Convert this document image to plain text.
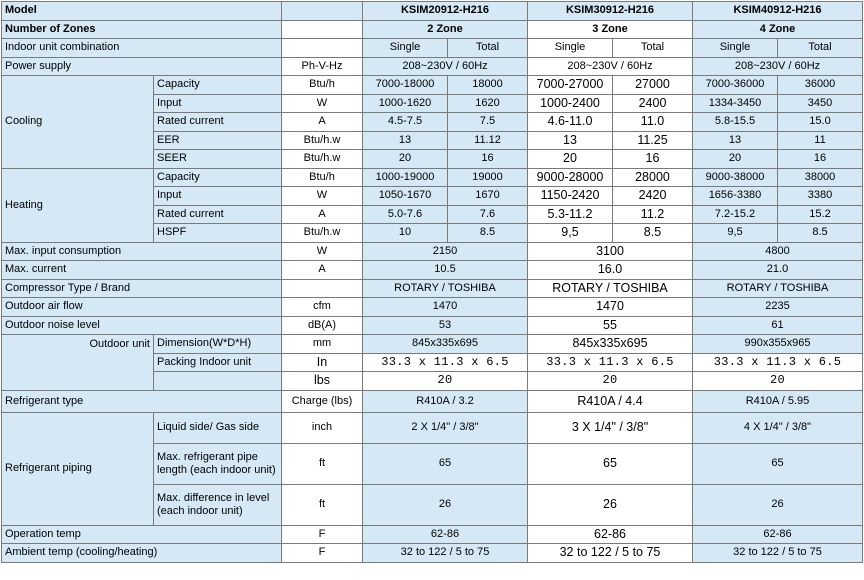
Model			KSIM20912-H216		KSIM30912-H216		KSIM40912-H216	
Number of Zones			2 Zone		3 Zone		4 Zone	
Indoor unit combination			Single	Total	Single	Total	Single	Total
Power supply		Ph-V-Hz	208~230V / 60Hz		208~230V / 60Hz		208~230V / 60Hz	
Cooling	Capacity	Btu/h	7000-18000	18000	7000-27000	27000	7000-36000	36000
	Input	W	1000-1620	1620	1000-2400	2400	1334-3450	3450
	Rated current	A	4.5-7.5	7.5	4.6-11.0	11.0	5.8-15.5	15.0
	EER	Btu/h.w	13	11.12	13	11.25	13	11
	SEER	Btu/h.w	20	16	20	16	20	16
Heating	Capacity	Btu/h	1000-19000	19000	9000-28000	28000	9000-38000	38000
	Input	W	1050-1670	1670	1150-2420	2420	1656-3380	3380
	Rated current	A	5.0-7.6	7.6	5.3-11.2	11.2	7.2-15.2	15.2
	HSPF	Btu/h.w	10	8.5	9,5	8.5	9,5	8.5
Max. input consumption		W	2150		3100		4800	
Max. current		A	10.5		16.0		21.0	
Compressor Type / Brand			ROTARY / TOSHIBA		ROTARY / TOSHIBA		ROTARY / TOSHIBA	
Outdoor air flow		cfm	1470		1470		2235	
Outdoor noise level		dB(A)	53		55		61	
Outdoor unit	Dimension(W*D*H)	mm	845x335x695		845x335x695		990x355x965	
	Packing Indoor unit	In	33.3 x 11.3 x 6.5		33.3 x 11.3 x 6.5		33.3 x 11.3 x 6.5	
		lbs	20		20		20	
Refrigerant type		Charge (lbs)	R410A / 3.2		R410A / 4.4		R410A / 5.95	
Refrigerant piping	Liquid side/ Gas side	inch	2 X 1/4" / 3/8"		3 X 1/4" / 3/8"		4 X 1/4" / 3/8"	
	Max. refrigerant pipe length (each indoor unit)	ft	65		65		65	
	Max. difference in level (each indoor unit)	ft	26		26		26	
Operation temp		F	62-86		62-86		62-86	
Ambient temp (cooling/heating)		F	32 to 122 / 5 to 75		32 to 122 / 5 to 75		32 to 122 / 5 to 75	
